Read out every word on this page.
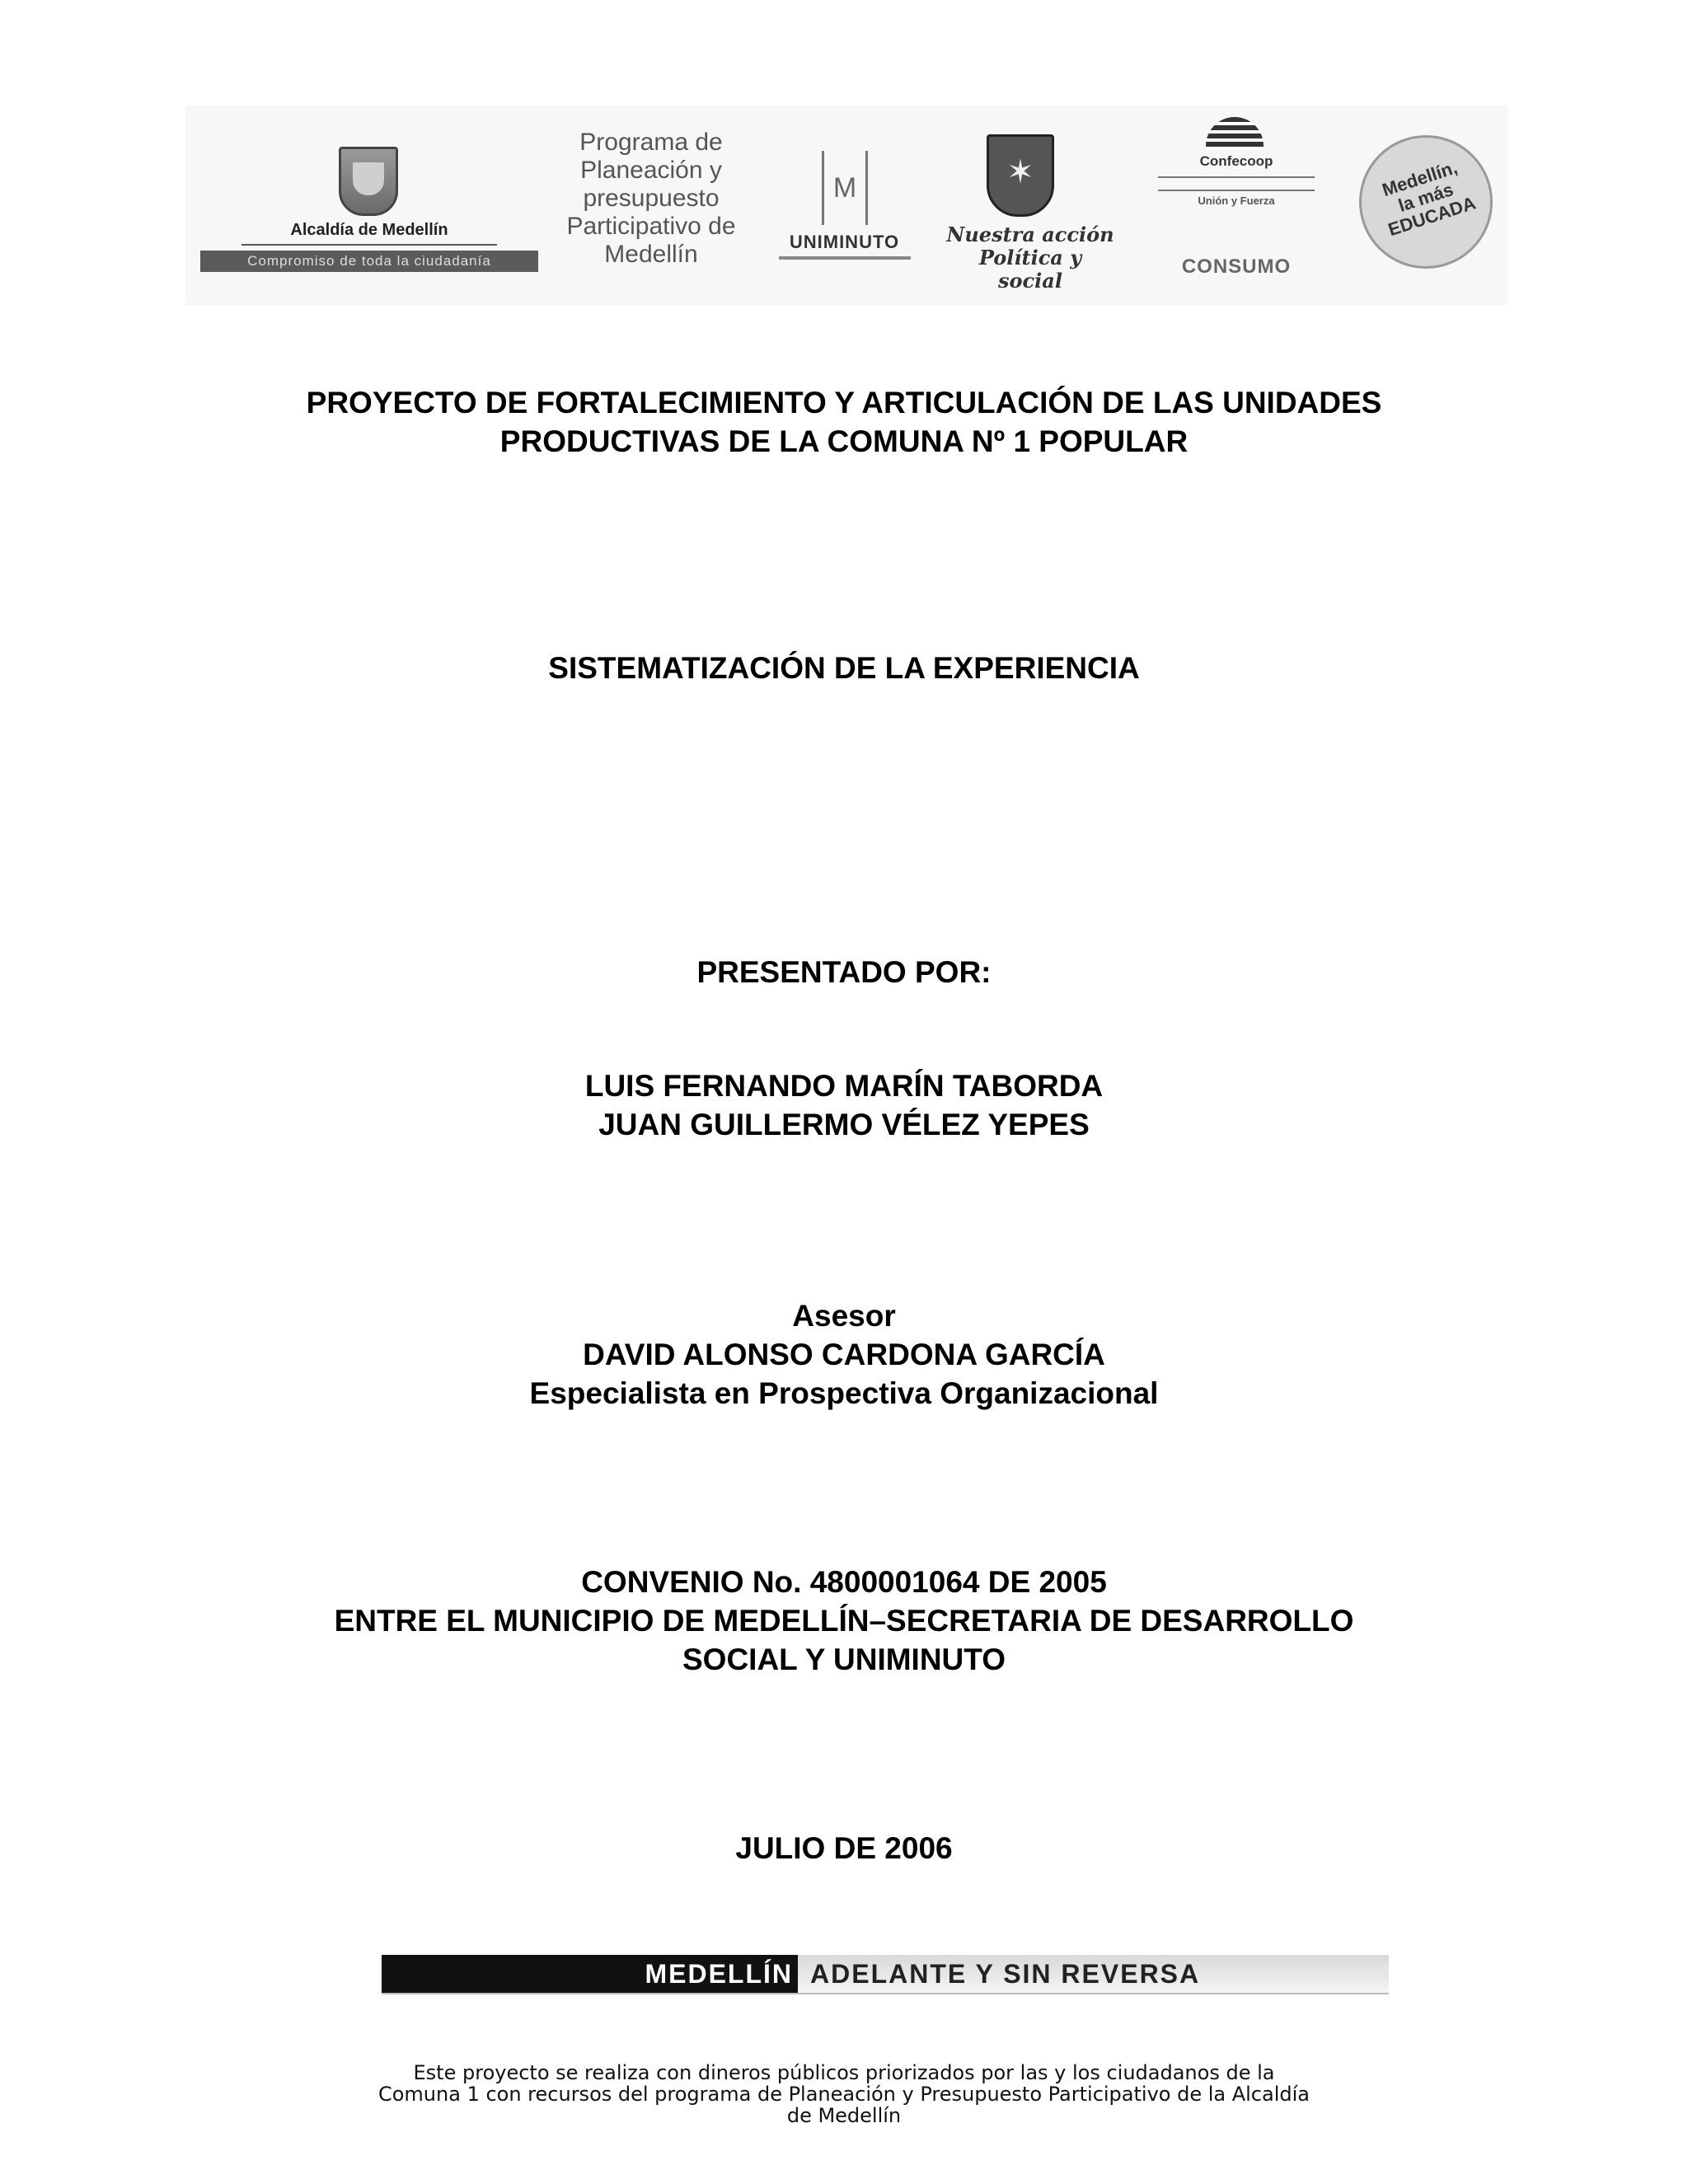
Alcaldía de Medellín
Compromiso de toda la ciudadanía
Programa de
Planeación y
presupuesto
Participativo de
Medellín
M
UNIMINUTO
✶
Nuestra acción
Política y social
Confecoop
Unión y Fuerza
CONSUMO
Medellín,
la más
EDUCADA
PROYECTO DE FORTALECIMIENTO Y ARTICULACIÓN DE LAS UNIDADES
PRODUCTIVAS DE LA COMUNA Nº 1 POPULAR
SISTEMATIZACIÓN DE LA EXPERIENCIA
PRESENTADO POR:
LUIS FERNANDO MARÍN TABORDA
JUAN GUILLERMO VÉLEZ YEPES
Asesor
DAVID ALONSO CARDONA GARCÍA
Especialista en Prospectiva Organizacional
CONVENIO No. 4800001064 DE 2005
ENTRE EL MUNICIPIO DE MEDELLÍN–SECRETARIA DE DESARROLLO
SOCIAL Y UNIMINUTO
JULIO DE 2006
MEDELLÍN ADELANTE Y SIN REVERSA
Este proyecto se realiza con dineros públicos priorizados por las y los ciudadanos de la
Comuna 1 con recursos del programa de Planeación y Presupuesto Participativo de la Alcaldía
de Medellín
